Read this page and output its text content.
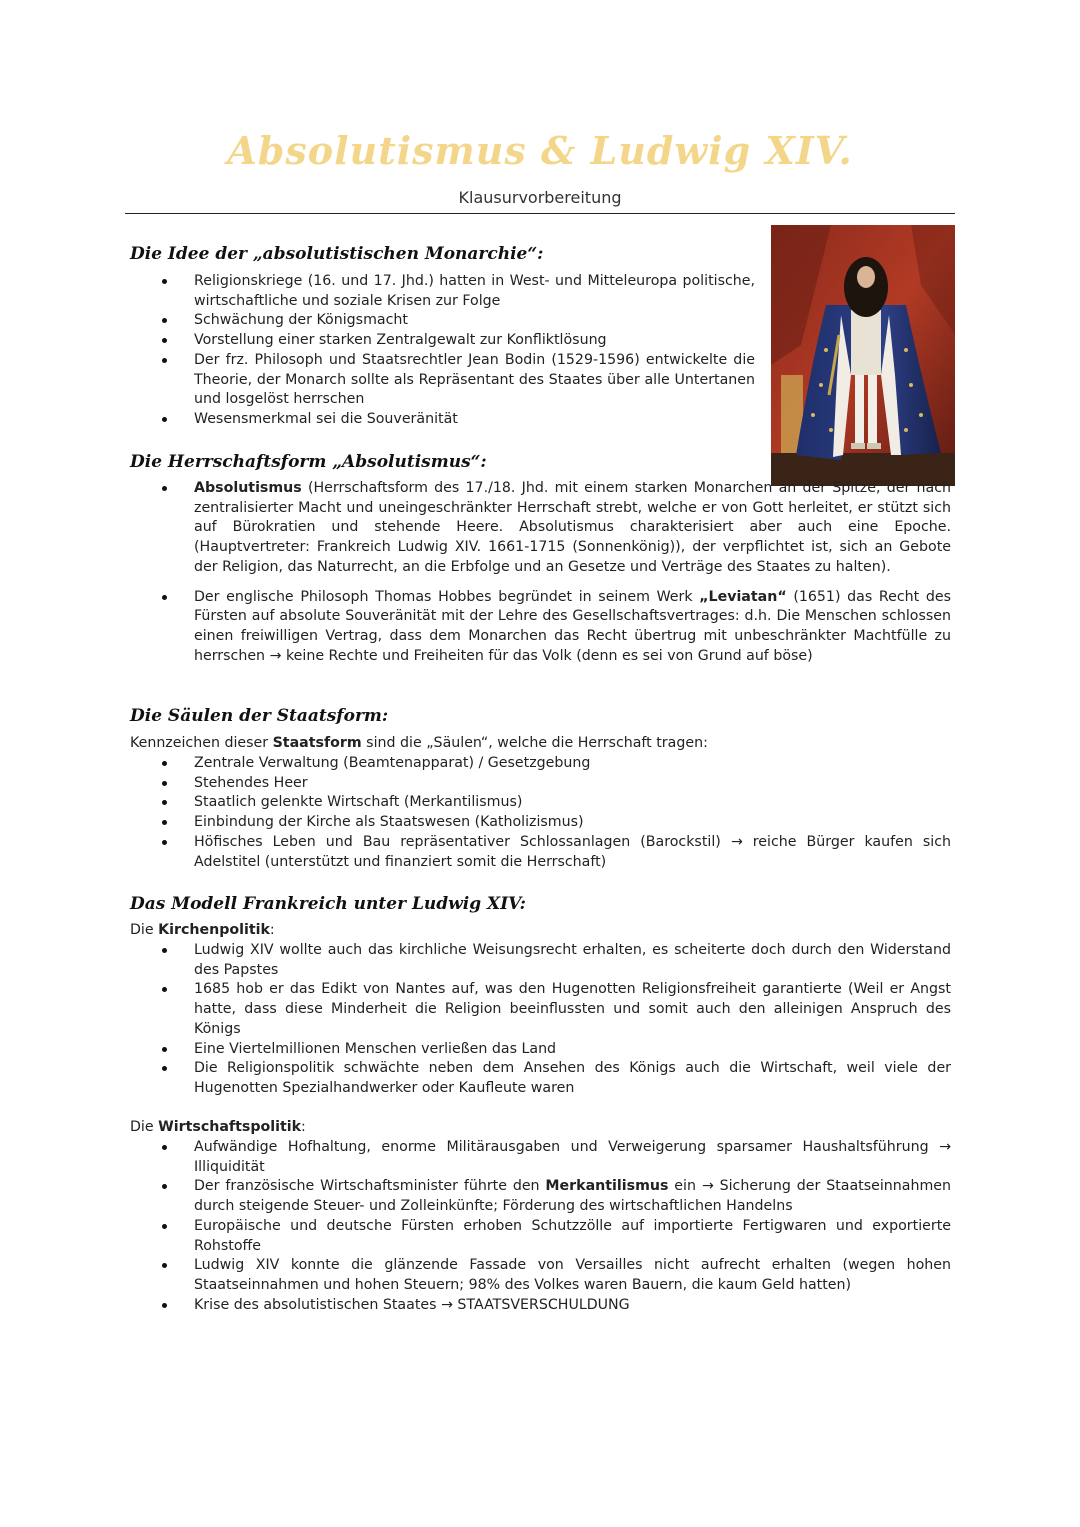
Absolutismus & Ludwig XIV.
Klausurvorbereitung
Die Idee der „absolutistischen Monarchie“:
Religionskriege (16. und 17. Jhd.) hatten in West- und Mitteleuropa politische, wirtschaftliche und soziale Krisen zur Folge
Schwächung der Königsmacht
Vorstellung einer starken Zentralgewalt zur Konfliktlösung
Der frz. Philosoph und Staatsrechtler Jean Bodin (1529-1596) entwickelte die Theorie, der Monarch sollte als Repräsentant des Staates über alle Untertanen und losgelöst herrschen
Wesensmerkmal sei die Souveränität
Die Herrschaftsform „Absolutismus“:
Absolutismus (Herrschaftsform des 17./18. Jhd. mit einem starken Monarchen an der Spitze, der nach zentralisierter Macht und uneingeschränkter Herrschaft strebt, welche er von Gott herleitet, er stützt sich auf Bürokratien und stehende Heere. Absolutismus charakterisiert aber auch eine Epoche. (Hauptvertreter: Frankreich Ludwig XIV. 1661-1715 (Sonnenkönig)), der verpflichtet ist, sich an Gebote der Religion, das Naturrecht, an die Erbfolge und an Gesetze und Verträge des Staates zu halten).
Der englische Philosoph Thomas Hobbes begründet in seinem Werk „Leviatan“ (1651) das Recht des Fürsten auf absolute Souveränität mit der Lehre des Gesellschaftsvertrages: d.h. Die Menschen schlossen einen freiwilligen Vertrag, dass dem Monarchen das Recht übertrug mit unbeschränkter Machtfülle zu herrschen → keine Rechte und Freiheiten für das Volk (denn es sei von Grund auf böse)
Die Säulen der Staatsform:
Kennzeichen dieser Staatsform sind die „Säulen“, welche die Herrschaft tragen:
Zentrale Verwaltung (Beamtenapparat) / Gesetzgebung
Stehendes Heer
Staatlich gelenkte Wirtschaft (Merkantilismus)
Einbindung der Kirche als Staatswesen (Katholizismus)
Höfisches Leben und Bau repräsentativer Schlossanlagen (Barockstil) → reiche Bürger kaufen sich Adelstitel (unterstützt und finanziert somit die Herrschaft)
Das Modell Frankreich unter Ludwig XIV:
Die Kirchenpolitik:
Ludwig XIV wollte auch das kirchliche Weisungsrecht erhalten, es scheiterte doch durch den Widerstand des Papstes
1685 hob er das Edikt von Nantes auf, was den Hugenotten Religionsfreiheit garantierte (Weil er Angst hatte, dass diese Minderheit die Religion beeinflussten und somit auch den alleinigen Anspruch des Königs
Eine Viertelmillionen Menschen verließen das Land
Die Religionspolitik schwächte neben dem Ansehen des Königs auch die Wirtschaft, weil viele der Hugenotten Spezialhandwerker oder Kaufleute waren
Die Wirtschaftspolitik:
Aufwändige Hofhaltung, enorme Militärausgaben und Verweigerung sparsamer Haushaltsführung → Illiquidität
Der französische Wirtschaftsminister führte den Merkantilismus ein → Sicherung der Staatseinnahmen durch steigende Steuer- und Zolleinkünfte; Förderung des wirtschaftlichen Handelns
Europäische und deutsche Fürsten erhoben Schutzzölle auf importierte Fertigwaren und exportierte Rohstoffe
Ludwig XIV konnte die glänzende Fassade von Versailles nicht aufrecht erhalten (wegen hohen Staatseinnahmen und hohen Steuern; 98% des Volkes waren Bauern, die kaum Geld hatten)
Krise des absolutistischen Staates → STAATSVERSCHULDUNG
